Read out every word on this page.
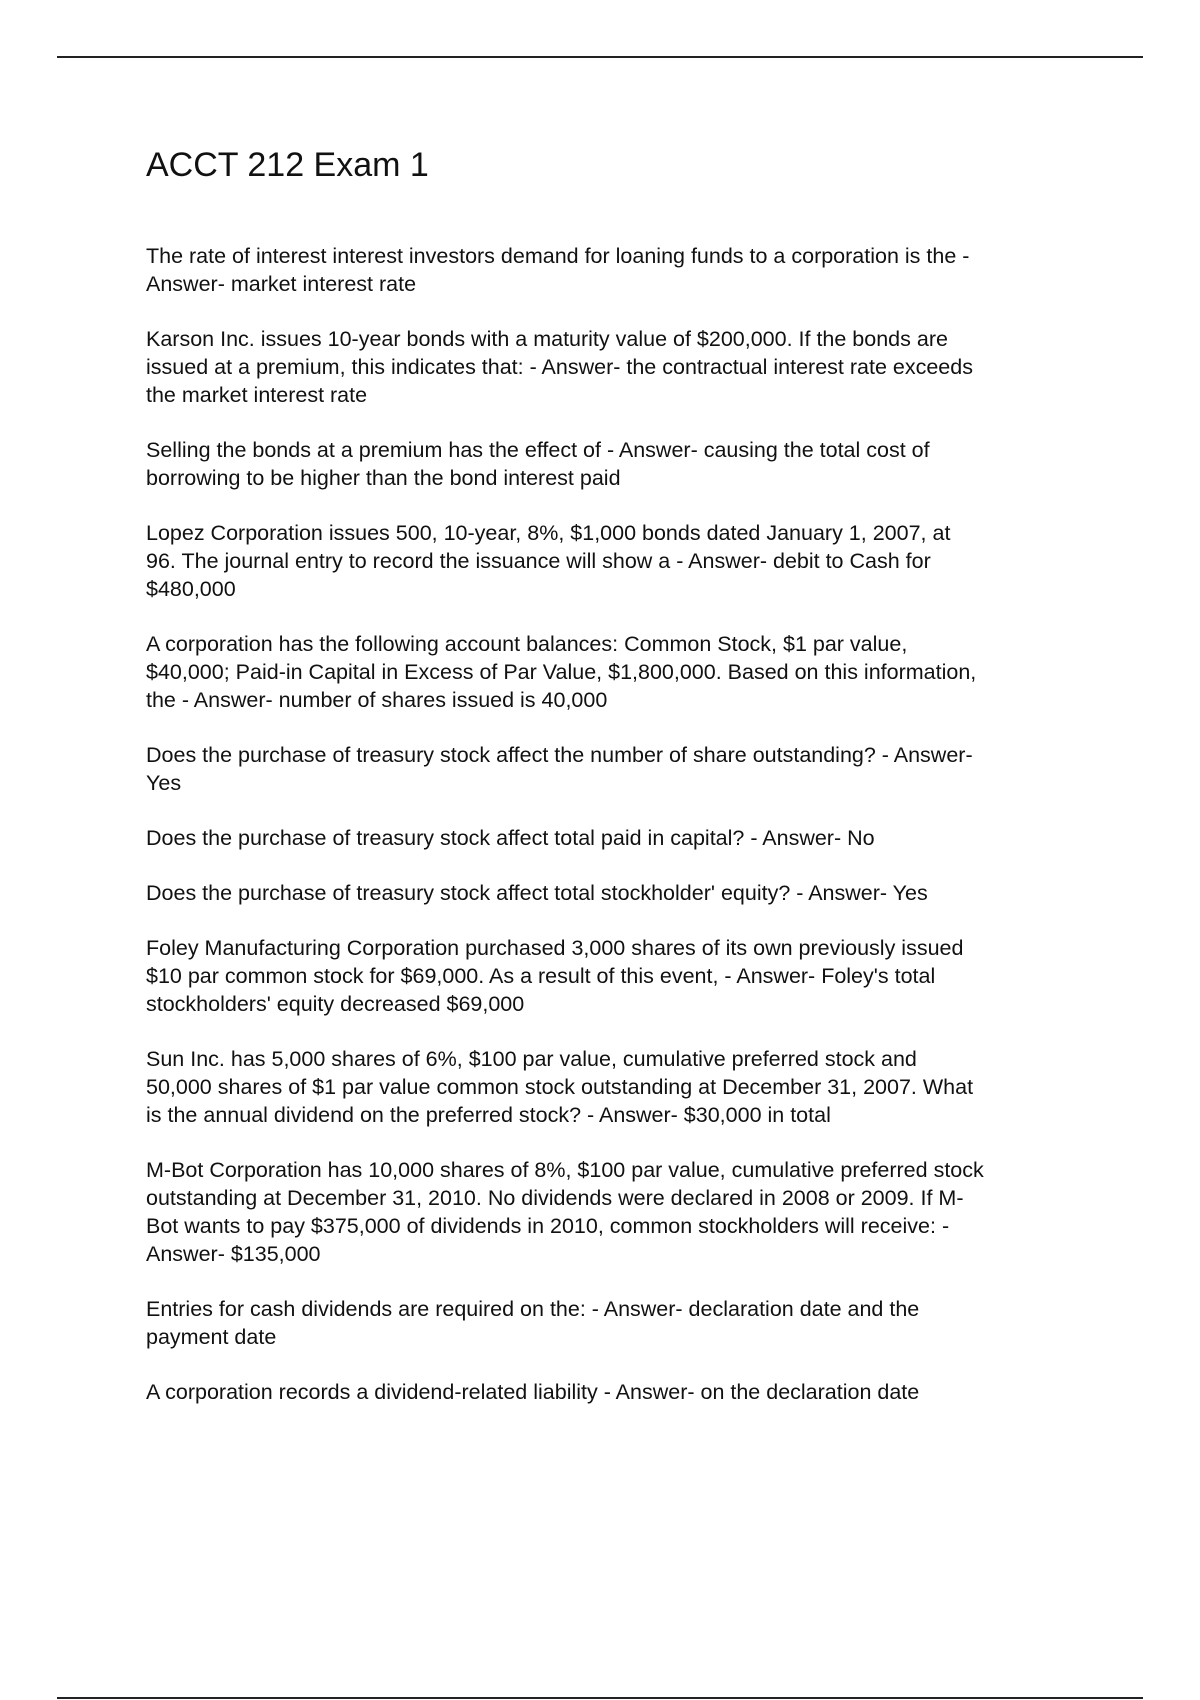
ACCT 212 Exam 1
The rate of interest interest investors demand for loaning funds to a corporation is the -
Answer- market interest rate
Karson Inc. issues 10-year bonds with a maturity value of $200,000. If the bonds are
issued at a premium, this indicates that: - Answer- the contractual interest rate exceeds
the market interest rate
Selling the bonds at a premium has the effect of - Answer- causing the total cost of
borrowing to be higher than the bond interest paid
Lopez Corporation issues 500, 10-year, 8%, $1,000 bonds dated January 1, 2007, at
96. The journal entry to record the issuance will show a - Answer- debit to Cash for
$480,000
A corporation has the following account balances: Common Stock, $1 par value,
$40,000; Paid-in Capital in Excess of Par Value, $1,800,000. Based on this information,
the - Answer- number of shares issued is 40,000
Does the purchase of treasury stock affect the number of share outstanding? - Answer-
Yes
Does the purchase of treasury stock affect total paid in capital? - Answer- No
Does the purchase of treasury stock affect total stockholder' equity? - Answer- Yes
Foley Manufacturing Corporation purchased 3,000 shares of its own previously issued
$10 par common stock for $69,000. As a result of this event, - Answer- Foley's total
stockholders' equity decreased $69,000
Sun Inc. has 5,000 shares of 6%, $100 par value, cumulative preferred stock and
50,000 shares of $1 par value common stock outstanding at December 31, 2007. What
is the annual dividend on the preferred stock? - Answer- $30,000 in total
M-Bot Corporation has 10,000 shares of 8%, $100 par value, cumulative preferred stock
outstanding at December 31, 2010. No dividends were declared in 2008 or 2009. If M-
Bot wants to pay $375,000 of dividends in 2010, common stockholders will receive: -
Answer- $135,000
Entries for cash dividends are required on the: - Answer- declaration date and the
payment date
A corporation records a dividend-related liability - Answer- on the declaration date
